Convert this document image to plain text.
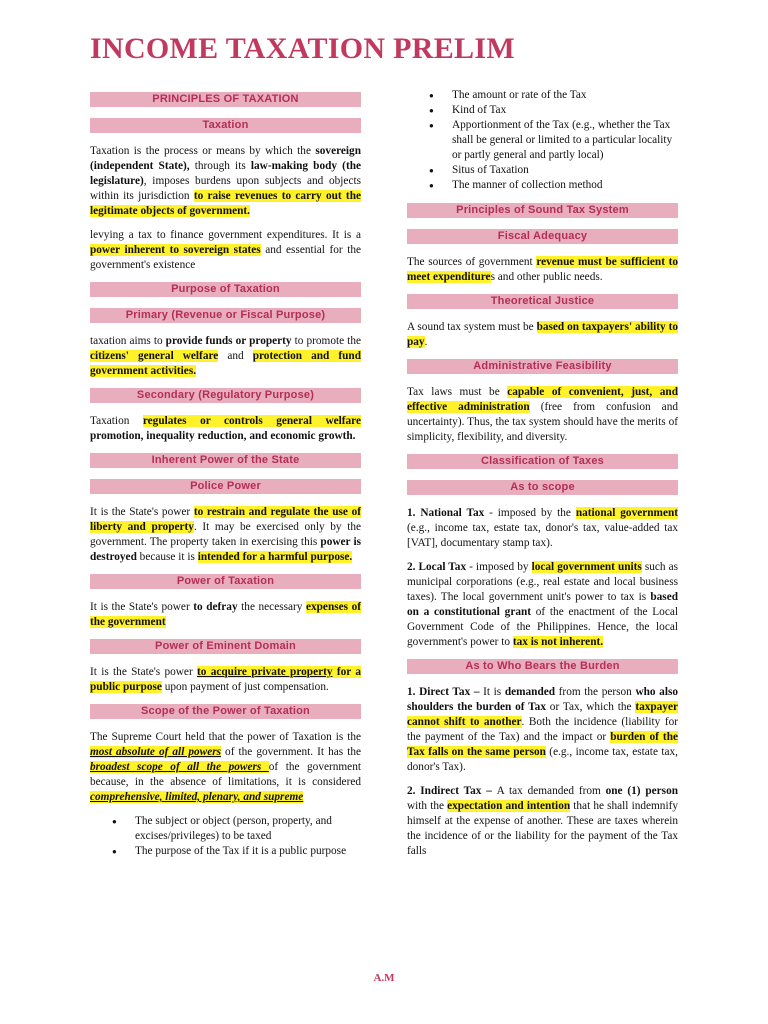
INCOME TAXATION PRELIM
PRINCIPLES OF TAXATION
Taxation

Taxation is the process or means by which the sovereign (independent State), through its law-making body (the legislature), imposes burdens upon subjects and objects within its jurisdiction to raise revenues to carry out the legitimate objects of government.

levying a tax to finance government expenditures. It is a power inherent to sovereign states and essential for the government's existence

Purpose of Taxation
Primary (Revenue or Fiscal Purpose)

taxation aims to provide funds or property to promote the citizens' general welfare and protection and fund government activities.

Secondary (Regulatory Purpose)

Taxation regulates or controls general welfare promotion, inequality reduction, and economic growth.

Inherent Power of the State
Police Power

It is the State's power to restrain and regulate the use of liberty and property. It may be exercised only by the government. The property taken in exercising this power is destroyed because it is intended for a harmful purpose.

Power of Taxation

It is the State's power to defray the necessary expenses of the government

Power of Eminent Domain

It is the State's power to acquire private property for a public purpose upon payment of just compensation.

Scope of the Power of Taxation

The Supreme Court held that the power of Taxation is the most absolute of all powers of the government. It has the broadest scope of all the powers of the government because, in the absence of limitations, it is considered comprehensive, limited, plenary, and supreme

● The subject or object (person, property, and excises/privileges) to be taxed
● The purpose of the Tax if it is a public purpose
● The amount or rate of the Tax
● Kind of Tax
● Apportionment of the Tax (e.g., whether the Tax shall be general or limited to a particular locality or partly general and partly local)
● Situs of Taxation
● The manner of collection method
Principles of Sound Tax System
Fiscal Adequacy

The sources of government revenue must be sufficient to meet expenditures and other public needs.

Theoretical Justice

A sound tax system must be based on taxpayers' ability to pay.

Administrative Feasibility

Tax laws must be capable of convenient, just, and effective administration (free from confusion and uncertainty). Thus, the tax system should have the merits of simplicity, flexibility, and diversity.

Classification of Taxes
As to scope

1. National Tax - imposed by the national government (e.g., income tax, estate tax, donor's tax, value-added tax [VAT], documentary stamp tax).

2. Local Tax - imposed by local government units such as municipal corporations (e.g., real estate and local business taxes). The local government unit's power to tax is based on a constitutional grant of the enactment of the Local Government Code of the Philippines. Hence, the local government's power to tax is not inherent.

As to Who Bears the Burden

1. Direct Tax – It is demanded from the person who also shoulders the burden of Tax or Tax, which the taxpayer cannot shift to another. Both the incidence (liability for the payment of the Tax) and the impact or burden of the Tax falls on the same person (e.g., income tax, estate tax, donor's Tax).

2. Indirect Tax – A tax demanded from one (1) person with the expectation and intention that he shall indemnify himself at the expense of another. These are taxes wherein the incidence of or the liability for the payment of the Tax falls

A.M
